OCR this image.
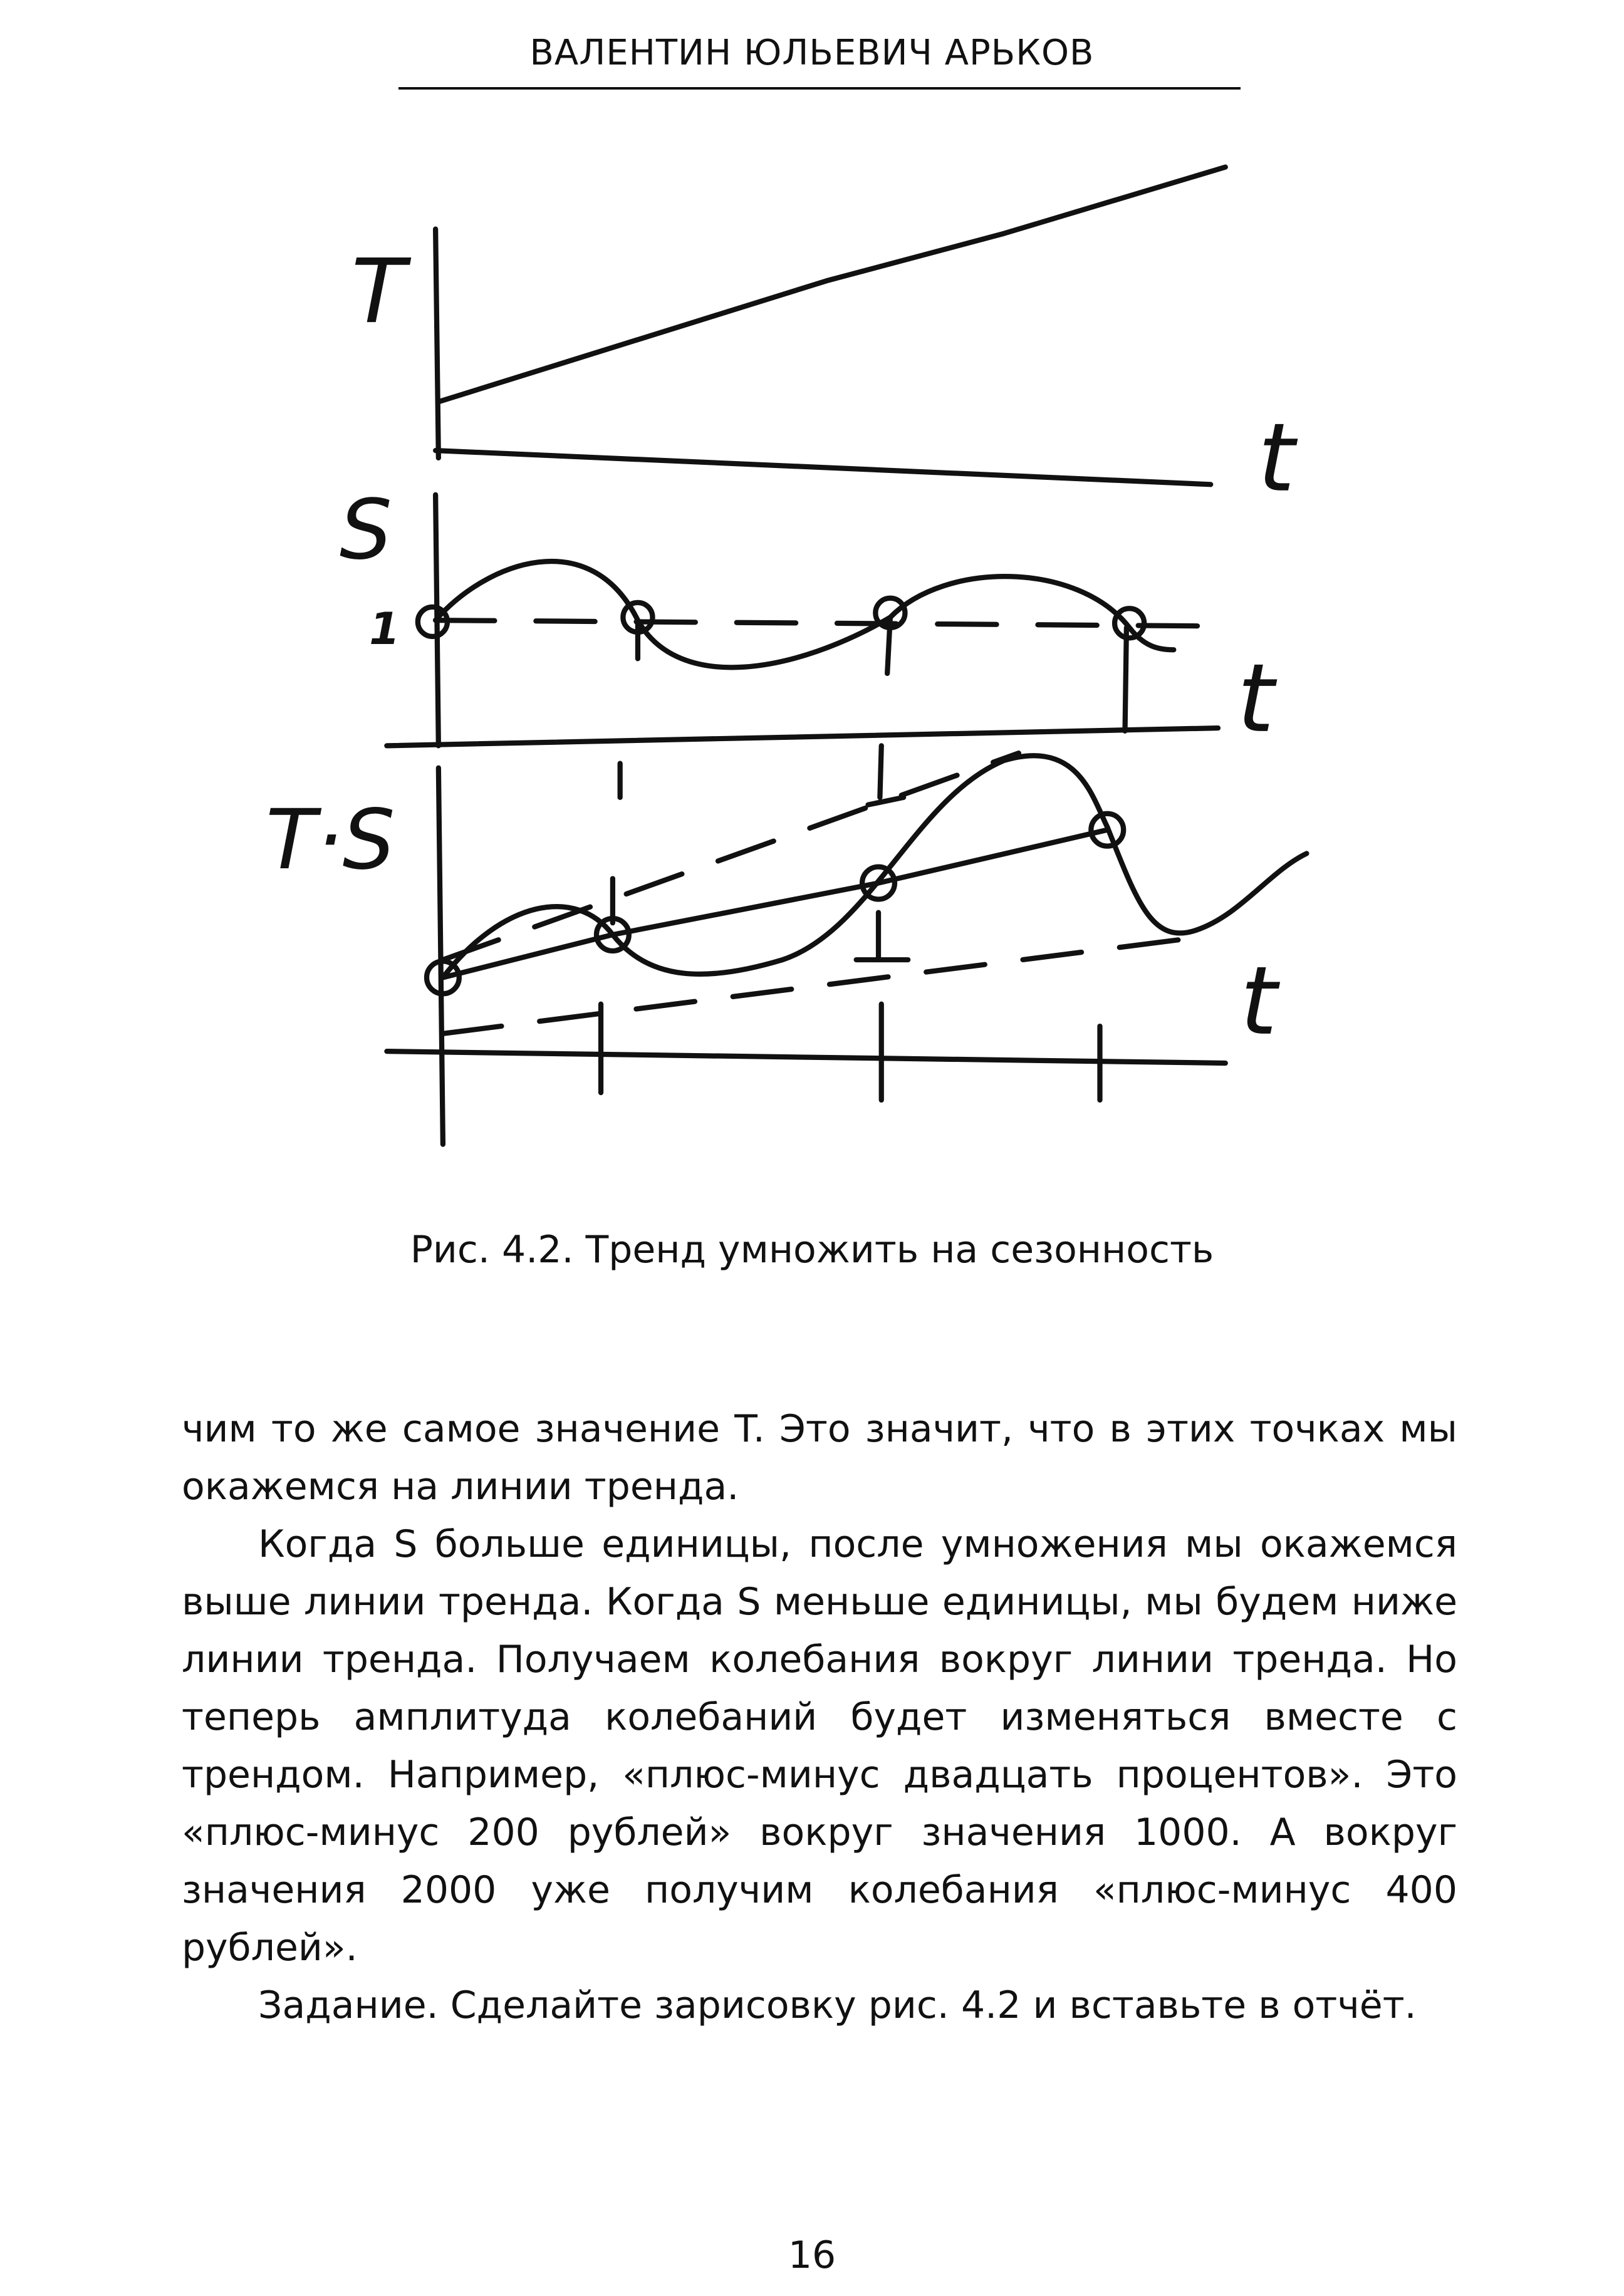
ВАЛЕНТИН ЮЛЬЕВИЧ АРЬКОВ
T
t
S
1
t
T·S
t
Рис. 4.2. Тренд умножить на сезонность

чим то же самое значение T. Это значит, что в этих точках мы окажемся на линии тренда.

Когда S больше единицы, после умножения мы окажемся выше линии тренда. Когда S меньше единицы, мы будем ниже линии тренда. Получаем колебания вокруг линии тренда. Но теперь амплитуда колебаний будет изменяться вместе с трендом. Например, «плюс-минус двадцать процентов». Это «плюс-минус 200 рублей» вокруг значения 1000. А вокруг значения 2000 уже получим колебания «плюс-минус 400 рублей».

Задание. Сделайте зарисовку рис. 4.2 и вставьте в отчёт.

16
